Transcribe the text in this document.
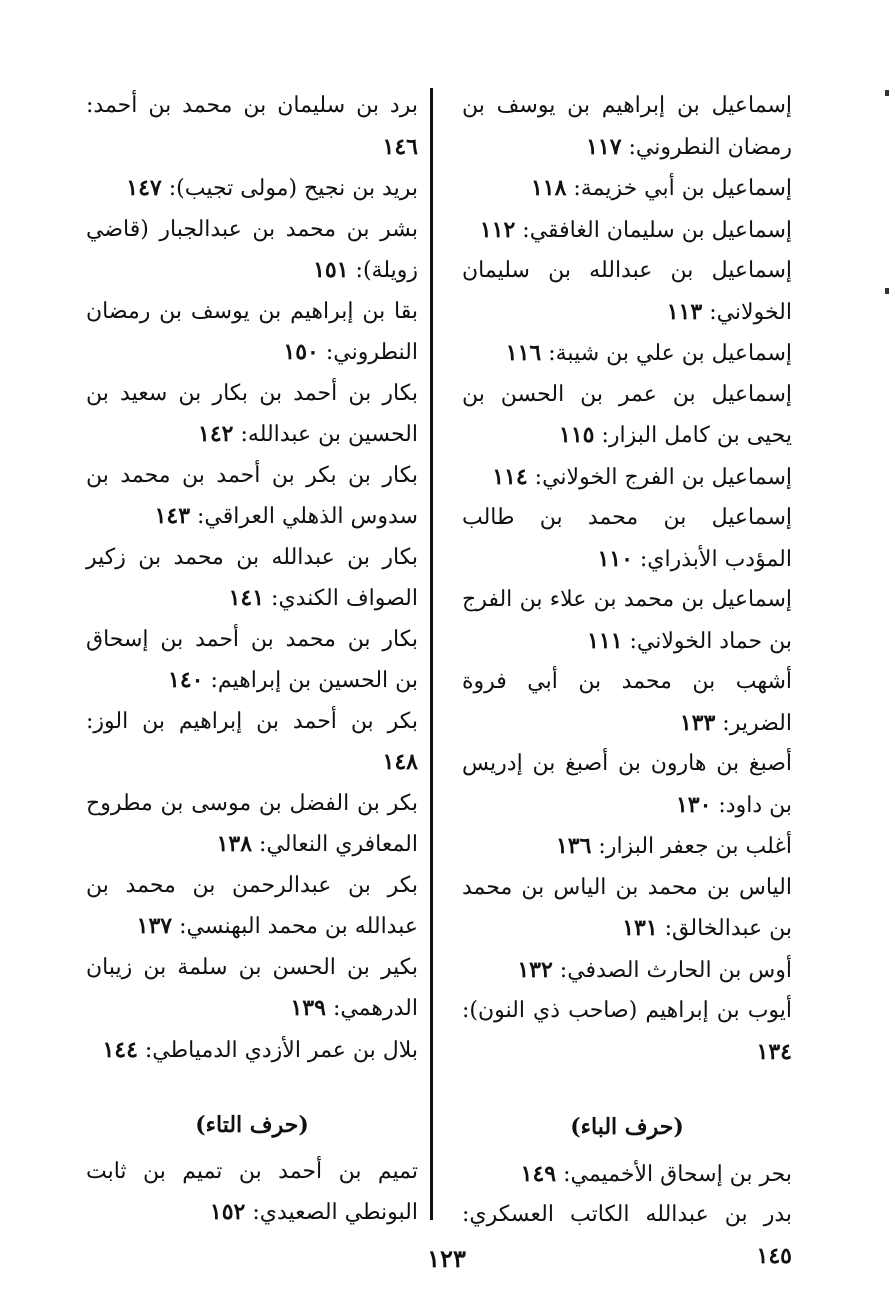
إسماعيل بن إبراهيم بن يوسف بن رمضان النطروني: ١١٧

إسماعيل بن أبي خزيمة: ١١٨

إسماعيل بن سليمان الغافقي: ١١٢

إسماعيل بن عبدالله بن سليمان الخولاني: ١١٣

إسماعيل بن علي بن شيبة: ١١٦

إسماعيل بن عمر بن الحسن بن يحيى بن كامل البزار: ١١٥

إسماعيل بن الفرج الخولاني: ١١٤

إسماعيل بن محمد بن طالب المؤدب الأبذراي: ١١٠

إسماعيل بن محمد بن علاء بن الفرج بن حماد الخولاني: ١١١

أشهب بن محمد بن أبي فروة الضرير: ١٣٣

أصبغ بن هارون بن أصبغ بن إدريس بن داود: ١٣٠

أغلب بن جعفر البزار: ١٣٦

الياس بن محمد بن الياس بن محمد بن عبدالخالق: ١٣١

أوس بن الحارث الصدفي: ١٣٢

أيوب بن إبراهيم (صاحب ذي النون): ١٣٤

(حرف الباء)

بحر بن إسحاق الأخميمي: ١٤٩

بدر بن عبدالله الكاتب العسكري: ١٤٥

برد بن سليمان بن محمد بن أحمد: ١٤٦

بريد بن نجيح (مولى تجيب): ١٤٧

بشر بن محمد بن عبدالجبار (قاضي زويلة): ١٥١

بقا بن إبراهيم بن يوسف بن رمضان النطروني: ١٥٠

بكار بن أحمد بن بكار بن سعيد بن الحسين بن عبدالله: ١٤٢

بكار بن بكر بن أحمد بن محمد بن سدوس الذهلي العراقي: ١٤٣

بكار بن عبدالله بن محمد بن زكير الصواف الكندي: ١٤١

بكار بن محمد بن أحمد بن إسحاق بن الحسين بن إبراهيم: ١٤٠

بكر بن أحمد بن إبراهيم بن الوز: ١٤٨

بكر بن الفضل بن موسى بن مطروح المعافري النعالي: ١٣٨

بكر بن عبدالرحمن بن محمد بن عبدالله بن محمد البهنسي: ١٣٧

بكير بن الحسن بن سلمة بن زيبان الدرهمي: ١٣٩

بلال بن عمر الأزدي الدمياطي: ١٤٤

(حرف التاء)

تميم بن أحمد بن تميم بن ثابت البونطي الصعيدي: ١٥٢

١٢٣
